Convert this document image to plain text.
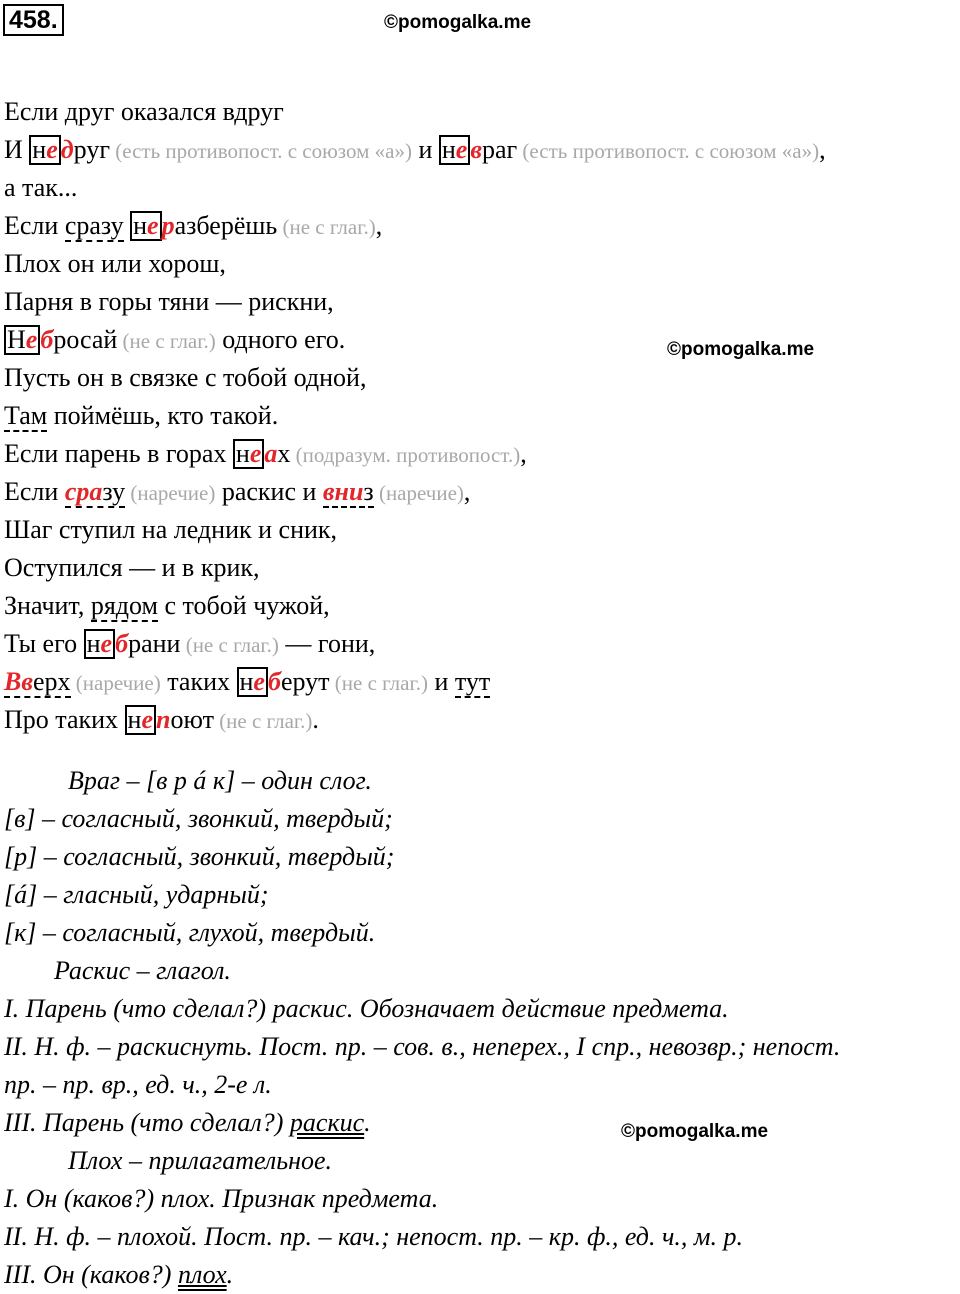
458.	©pomogalka.me
©pomogalka.me
©pomogalka.me
Если друг оказался вдруг
И не друг (есть противопост. с союзом «а») и не враг (есть противопост. с союзом «а»),
а так...
Если сразу не разберёшь (не с глаг.),
Плох он или хорош,
Парня в горы тяни — рискни,
Не бросай (не с глаг.) одного его.
Пусть он в связке с тобой одной,
Там поймёшь, кто такой.
Если парень в горах не ах (подразум. противопост.),
Если сразу (наречие) раскис и вниз (наречие),
Шаг ступил на ледник и сник,
Оступился — и в крик,
Значит, рядом с тобой чужой,
Ты его не брани (не с глаг.) — гони,
Вверх (наречие) таких не берут (не с глаг.) и тут
Про таких не поют (не с глаг.).
Враг – [в р á к] – один слог.
[в] – согласный, звонкий, твердый;
[р] – согласный, звонкий, твердый;
[á] – гласный, ударный;
[к] – согласный, глухой, твердый.
Раскис – глагол.
I. Парень (что сделал?) раскис. Обозначает действие предмета.
II. Н. ф. – раскиснуть. Пост. пр. – сов. в., неперех., I спр., невозвр.; непост.
пр. – пр. вр., ед. ч., 2-е л.
III. Парень (что сделал?) раскис.
Плох – прилагательное.
I. Он (каков?) плох. Признак предмета.
II. Н. ф. – плохой. Пост. пр. – кач.; непост. пр. – кр. ф., ед. ч., м. р.
III. Он (каков?) плох.
